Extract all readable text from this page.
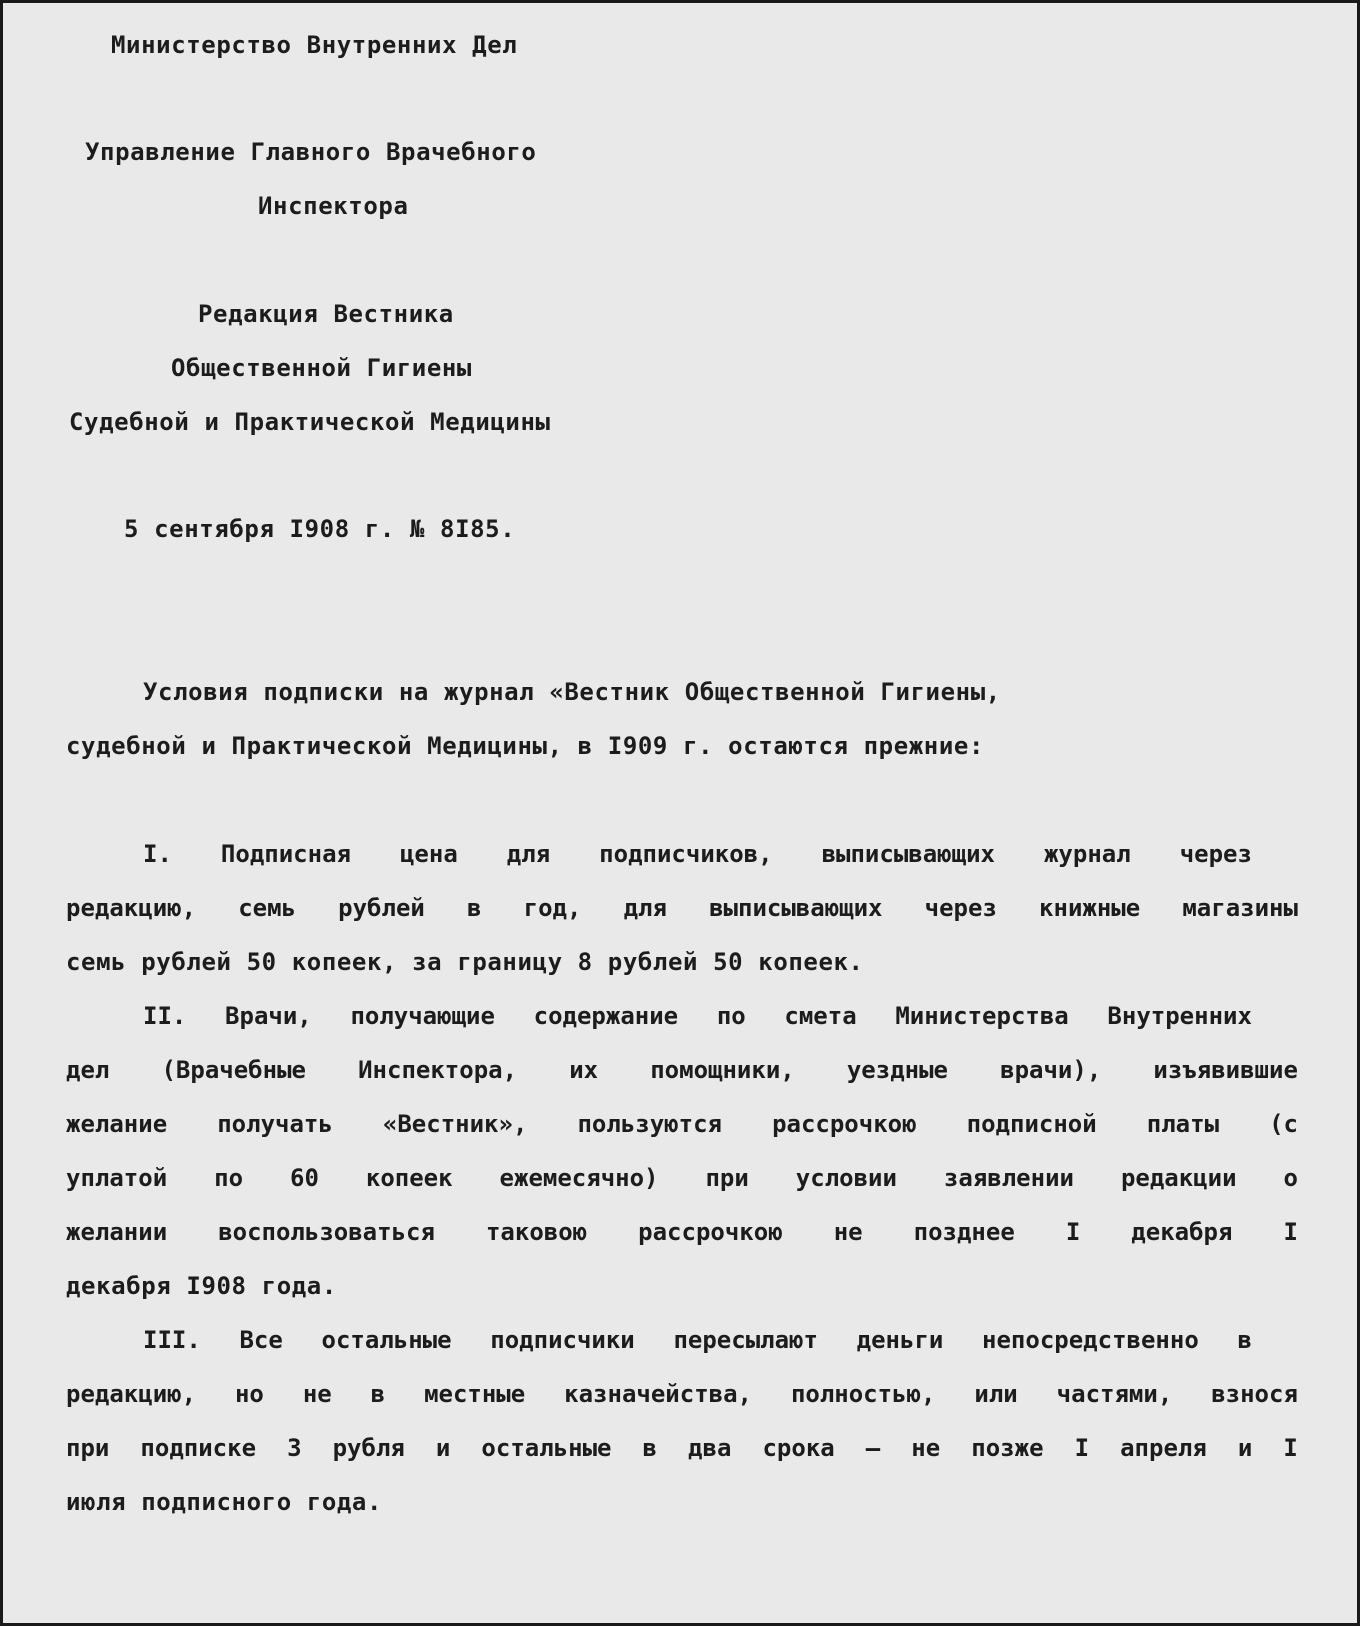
Министерство Внутренних Дел

Управление Главного Врачебного

Инспектора

Редакция Вестника

Общественной Гигиены

Судебной и Практической Медицины

5 сентября I908 г. № 8I85.

Условия подписки на журнал «Вестник Общественной Гигиены,

судебной и Практической Медицины, в I909 г. остаются прежние:

I. Подписная цена для подписчиков, выписывающих журнал через
редакцию, семь рублей в год, для выписывающих через книжные магазины

семь рублей 50 копеек, за границу 8 рублей 50 копеек.

II. Врачи, получающие содержание по смета Министерства Внутренних
дел (Врачебные Инспектора, их помощники, уездные врачи), изъявившие
желание получать «Вестник», пользуются рассрочкою подписной платы (с
уплатой по 60 копеек ежемесячно) при условии заявлении редакции о
желании воспользоваться таковою рассрочкою не позднее I декабря I

декабря I908 года.

III. Все остальные подписчики пересылают деньги непосредственно в
редакцию, но не в местные казначейства, полностью, или частями, взнося
при подписке 3 рубля и остальные в два срока — не позже I апреля и I

июля подписного года.
